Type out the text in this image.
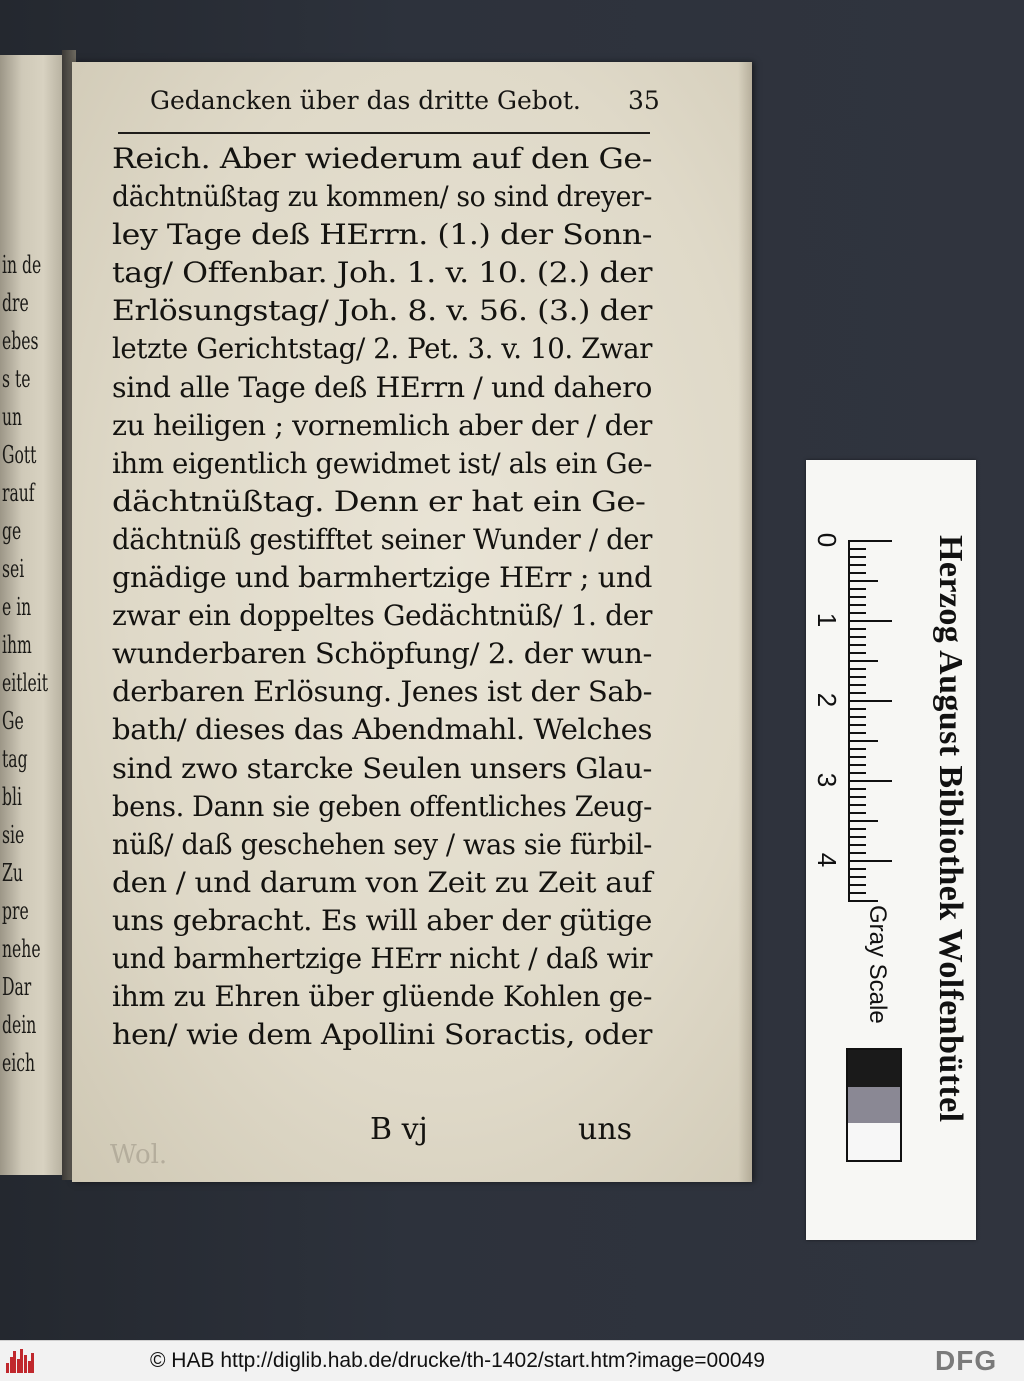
in de
dre
ebes
s te
un
Gott
rauf
ge
sei
e in
ihm
eitleit
Ge
tag
bli
sie
Zu
pre
nehe
Dar
dein
eich
Gedancken über das dritte Gebot.	35
Reich. Aber wiederum auf den Ge-
dächtnüßtag zu kommen/ so sind dreyer-
ley Tage deß HErrn. (1.) der Sonn-
tag/ Offenbar. Joh. 1. v. 10. (2.) der
Erlösungstag/ Joh. 8. v. 56. (3.) der
letzte Gerichtstag/ 2. Pet. 3. v. 10. Zwar
sind alle Tage deß HErrn / und dahero
zu heiligen ; vornemlich aber der / der
ihm eigentlich gewidmet ist/ als ein Ge-
dächtnüßtag. Denn er hat ein Ge-
dächtnüß gestifftet seiner Wunder / der
gnädige und barmhertzige HErr ; und
zwar ein doppeltes Gedächtnüß/ 1. der
wunderbaren Schöpfung/ 2. der wun-
derbaren Erlösung. Jenes ist der Sab-
bath/ dieses das Abendmahl. Welches
sind zwo starcke Seulen unsers Glau-
bens. Dann sie geben offentliches Zeug-
nüß/ daß geschehen sey / was sie fürbil-
den / und darum von Zeit zu Zeit auf
uns gebracht. Es will aber der gütige
und barmhertzige HErr nicht / daß wir
ihm zu Ehren über glüende Kohlen ge-
hen/ wie dem Apollini Soractis, oder
B vj	uns
Wol.
0
1
2
3
4	Herzog August Bibliothek Wolfenbüttel
Gray Scale
© HAB http://diglib.hab.de/drucke/th-1402/start.htm?image=00049	DFG
